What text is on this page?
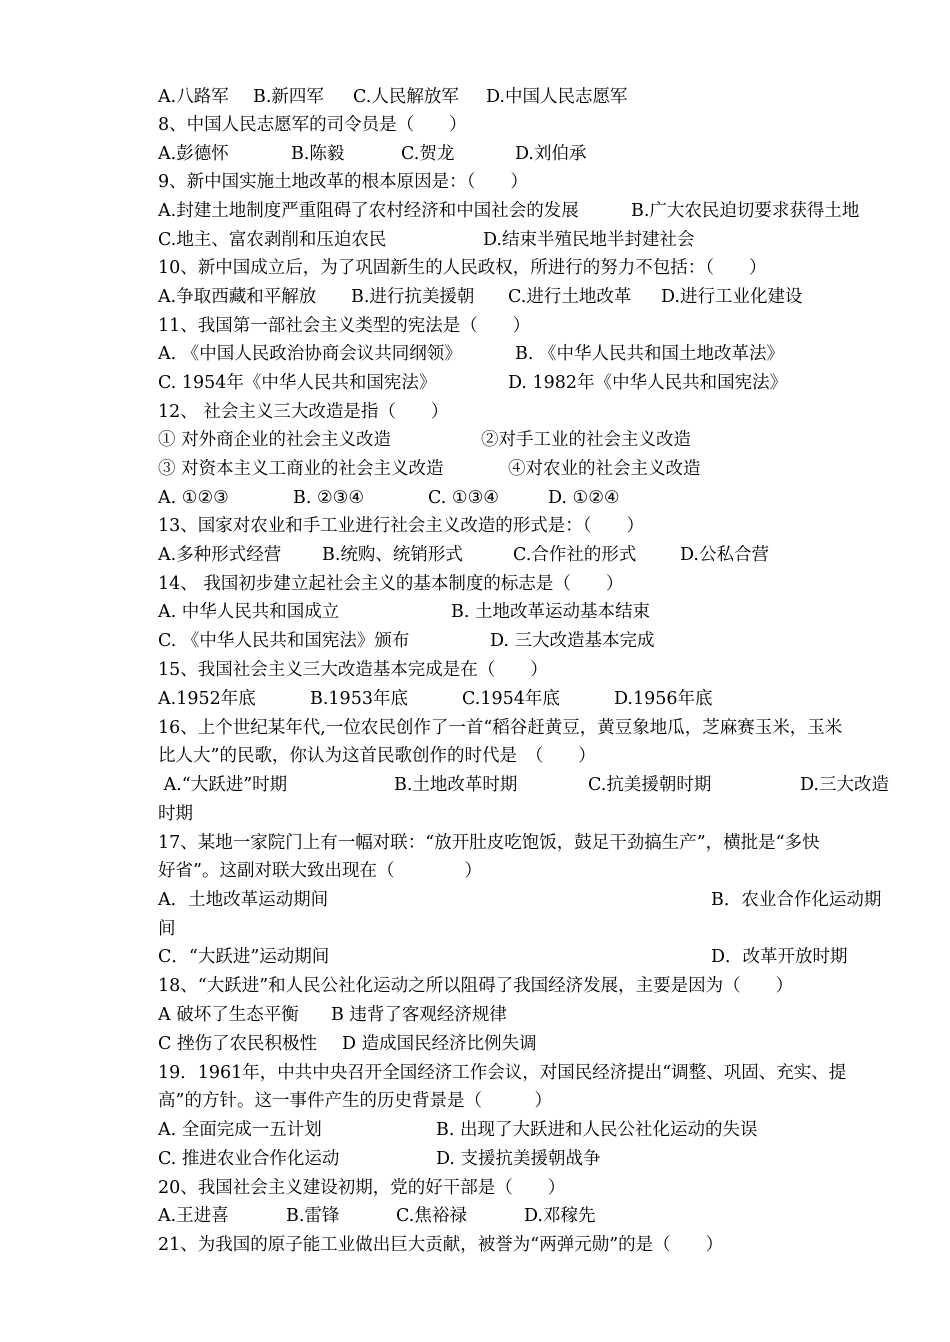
A.八路军 B.新四军 C.人民解放军 D.中国人民志愿军
8、中国人民志愿军的司令员是（　　）
A.彭德怀	B.陈毅	C.贺龙	D.刘伯承
9、新中国实施土地改革的根本原因是：（　　）
A.封建土地制度严重阻碍了农村经济和中国社会的发展	B.广大农民迫切要求获得土地
C.地主、富农剥削和压迫农民	D.结束半殖民地半封建社会
10、新中国成立后，为了巩固新生的人民政权，所进行的努力不包括：（　　）
A.争取西藏和平解放 B.进行抗美援朝 C.进行土地改革 D.进行工业化建设
11、我国第一部社会主义类型的宪法是（　　）
A. 《中国人民政治协商会议共同纲领》	B. 《中华人民共和国土地改革法》
C. 1954年《中华人民共和国宪法》	D. 1982年《中华人民共和国宪法》
12、 社会主义三大改造是指（　　）
① 对外商企业的社会主义改造	②对手工业的社会主义改造
③ 对资本主义工商业的社会主义改造	④对农业的社会主义改造
A. ①②③	B. ②③④	C. ①③④	D. ①②④
13、国家对农业和手工业进行社会主义改造的形式是：（　　）
A.多种形式经营 B.统购、统销形式	C.合作社的形式 D.公私合营
14、 我国初步建立起社会主义的基本制度的标志是（　　）
A. 中华人民共和国成立	B. 土地改革运动基本结束
C. 《中华人民共和国宪法》颁布	D. 三大改造基本完成
15、我国社会主义三大改造基本完成是在（　　）
A.1952年底	B.1953年底	C.1954年底	D.1956年底
16、上个世纪某年代,一位农民创作了一首“稻谷赶黄豆，黄豆象地瓜，芝麻赛玉米，玉米
比人大”的民歌，你认为这首民歌创作的时代是　（　　）
A.“大跃进”时期	B.土地改革时期	C.抗美援朝时期	D.三大改造
时期
17、某地一家院门上有一幅对联：“放开肚皮吃饱饭，鼓足干劲搞生产”，横批是“多快
好省”。这副对联大致出现在（　　　　）
A．土地改革运动期间	B．农业合作化运动期
间
C．“大跃进”运动期间	D．改革开放时期
18、“大跃进”和人民公社化运动之所以阻碍了我国经济发展，主要是因为（　　）
A 破坏了生态平衡 B 违背了客观经济规律
C 挫伤了农民积极性 D 造成国民经济比例失调
19．1961年，中共中央召开全国经济工作会议，对国民经济提出“调整、巩固、充实、提
高”的方针。这一事件产生的历史背景是（　　　）
A. 全面完成一五计划	B. 出现了大跃进和人民公社化运动的失误
C. 推进农业合作化运动	D. 支援抗美援朝战争
20、我国社会主义建设初期，党的好干部是（　　）
A.王进喜	B.雷锋	C.焦裕禄	D.邓稼先
21、为我国的原子能工业做出巨大贡献，被誉为“两弹元勋”的是（　　）
